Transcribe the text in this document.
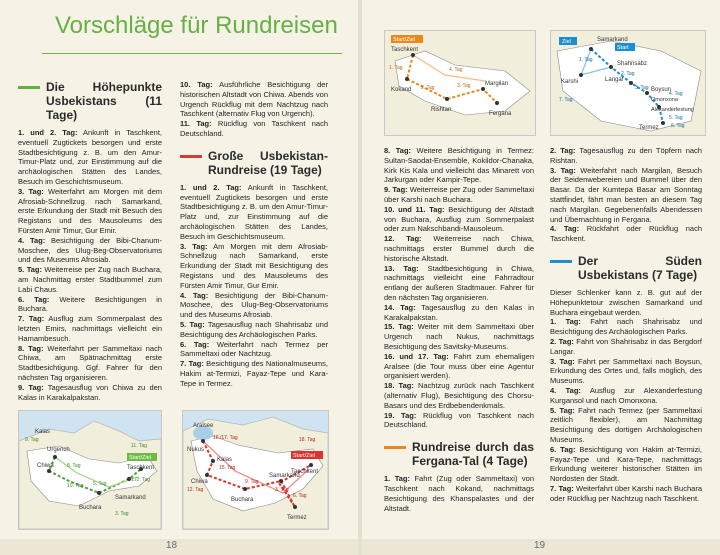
Vorschläge für Rundreisen
Die Höhepunkte Usbekistans (11 Tage)

1. und 2. Tag: Ankunft in Taschkent, eventuell Zugtickets besorgen und erste Stadtbesichtigung z. B. um den Amur-Timur-Platz und, zur Einstimmung auf die archäologischen Stätten des Landes, Besuch im Geschichtsmuseum.

3. Tag: Weiterfahrt am Morgen mit dem Afrosiab-Schnellzug nach Samarkand, erste Erkundung der Stadt mit Besuch des Registans und des Mausoleums des Fürsten Amir Timur, Gur Emir.

4. Tag: Besichtigung der Bibi-Chanum-Moschee, des Ulug-Beg-Observatoriums und des Museums Afrosiab.

5. Tag: Weiterreise per Zug nach Buchara, am Nachmittag erster Stadtbummel zum Labi Chaus.

6. Tag: Weitere Besichtigungen in Buchara.

7. Tag: Ausflug zum Sommerpalast des letzten Emirs, nachmittags vielleicht ein Hamambesuch.

8. Tag: Weiterfahrt per Sammeltaxi nach Chiwa, am Spätnachmittag erste Stadtbesichtigung. Ggf. Fahrer für den nächsten Tag organisieren.

9. Tag: Tagesausflug von Chiwa zu den Kalas in Karakalpakstan.

10. Tag: Ausführliche Besichtigung der historischen Altstadt von Chiwa. Abends von Urgench Rückflug mit dem Nachtzug nach Taschkent (alternativ Flug von Urgench).

11. Tag: Rückflug von Taschkent nach Deutschland.

Große Usbekistan-Rundreise (19 Tage)

1. und 2. Tag: Ankunft in Taschkent, eventuell Zugtickets besorgen und erste Stadtbesichtigung z. B. um den Amur-Timur-Platz und, zur Einstimmung auf die archäologischen Stätten des Landes, Besuch im Geschichtsmuseum.

3. Tag: Am Morgen mit dem Afrosiab-Schnellzug nach Samarkand, erste Erkundung der Stadt mit Besichtigung des Registans und des Mausoleums des Fürsten Amir Timur, Gur Emir.

4. Tag: Besichtigung der Bibi-Chanum-Moschee, des Ulug-Beg-Observatoriums und des Museums Afrosiab.

5. Tag: Tagesausflug nach Shahrisabz und Besichtigung des Archäologischen Parks.

6. Tag: Weiterfahrt nach Termez per Sammeltaxi oder Nachtzug.

7. Tag: Besichtigung des Nationalmuseums, Hakim at-Termizi, Fayaz-Tepe und Kara-Tepe in Termez.

Kalas
Urgench
Chiwa
Buchara
Samarkand
Start/Ziel
Taschkent
9. Tag
8. Tag
10. Tag 5. Tag
3. Tag
1./2. Tag
11. Tag
Nukus
Aralsee
Kalas
Chiwa
Buchara
Start/Ziel
Taschkent
Samarkand
Termez
16./17. Tag
15. Tag
12. Tag
9. Tag
3. Tag
6. Tag
18. Tag
18
Start/Ziel
Taschkent
Kokand
Rishtan
Margilan
Fergana
1. Tag
2. Tag	3. Tag
4. Tag
Samarkand
Ziel
Start
Karshi
Shahrisabz
Langar
Boysun
Omonxona
Alexanderfestung
Termez
1. Tag
2. Tag
3. Tag
4. Tag
5. Tag
6. Tag
7. Tag

8. Tag: Weitere Besichtigung in Termez: Sultan-Saodat-Ensemble, Kokildor-Chanaka, Kirk Kis Kala und vielleicht das Minarett von Jarkurgan oder Kampir-Tepe.

9. Tag: Weiterreise per Zug oder Sammeltaxi über Karshi nach Buchara.

10. und 11. Tag: Besichtigung der Altstadt von Buchara, Ausflug zum Sommerpalast oder zum Nakschbandi-Mausoleum.

12. Tag: Weiterreise nach Chiwa, nachmittags erster Bummel durch die historische Altstadt.

13. Tag: Stadtbesichtigung in Chiwa, nachmittags vielleicht eine Fahrradtour entlang der äußeren Stadtmauer. Fahrer für den nächsten Tag organisieren.

14. Tag: Tagesausflug zu den Kalas in Karakalpakstan.

15. Tag: Weiter mit dem Sammeltaxi über Urgench nach Nukus, nachmittags Besichtigung des Savitsky-Museums.

16. und 17. Tag: Fahrt zum ehemaligen Aralsee (die Tour muss über eine Agentur organisiert werden).

18. Tag: Nachtzug zurück nach Taschkent (alternativ Flug), Besichtigung des Chorsu-Basars und des Erdbebendenkmals.

19. Tag: Rückflug von Taschkent nach Deutschland.

Rundreise durch das Fergana-Tal (4 Tage)

1. Tag: Fahrt (Zug oder Sammeltaxi) von Taschkent nach Kokand, nachmittags Besichtigung des Khanspalastes und der Altstadt.

2. Tag: Tagesausflug zu den Töpfern nach Rishtan.

3. Tag: Weiterfahrt nach Margilan, Besuch der Seidenwebereien und Bummel über den Basar. Da der Kumtepa Basar am Sonntag stattfindet, fährt man besten an diesem Tag nach Margilan. Gegebenenfalls Abendessen und Übernachtung in Fergana.

4. Tag: Rückfahrt oder Rückflug nach Taschkent.

Der Süden Usbekistans (7 Tage)

Dieser Schlenker kann z. B. gut auf der Höhepunktetour zwischen Samarkand und Buchara eingebaut werden.

1. Tag: Fahrt nach Shahrisabz und Besichtigung des Archäologischen Parks.

2. Tag: Fahrt von Shahrisabz in das Bergdorf Langar.

3. Tag: Fahrt per Sammeltaxi nach Boysun, Erkundung des Ortes und, falls möglich, des Museums.

4. Tag: Ausflug zur Alexanderfestung Kurgansol und nach Omonxona.

5. Tag: Fahrt nach Termez (per Sammeltaxi zeitlich flexibler), am Nachmittag Besichtigung des dortigen Archäologischen Museums.

6. Tag: Besichtigung von Hakim at-Termizi, Fayaz-Tepe und Kara-Tepe, nachmittags Erkundung weiterer historischer Stätten im Nordosten der Stadt.

7. Tag: Weiterfahrt über Karshi nach Buchara oder Rückflug per Nachtzug nach Taschkent.

19
